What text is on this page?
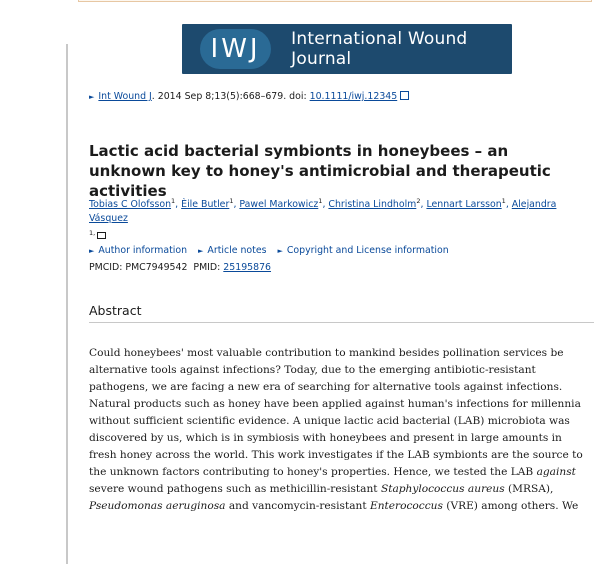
IWJ	International Wound Journal
► Int Wound J. 2014 Sep 8;13(5):668–679. doi: 10.1111/iwj.12345
Lactic acid bacterial symbionts in honeybees – an unknown key to honey's antimicrobial and therapeutic activities
Tobias C Olofsson$^1$, Èile Butler$^1$, Pawel Markowicz$^1$, Christina Lindholm$^2$, Lennart Larsson$^1$, Alejandra Vásquez
$^{1,}$
► Author information ► Article notes ► Copyright and License information
PMCID: PMC7949542 PMID: 25195876
Abstract
Could honeybees' most valuable contribution to mankind besides pollination services be
alternative tools against infections? Today, due to the emerging antibiotic-resistant
pathogens, we are facing a new era of searching for alternative tools against infections.
Natural products such as honey have been applied against human's infections for millennia
without sufficient scientific evidence. A unique lactic acid bacterial (LAB) microbiota was
discovered by us, which is in symbiosis with honeybees and present in large amounts in
fresh honey across the world. This work investigates if the LAB symbionts are the source to
the unknown factors contributing to honey's properties. Hence, we tested the LAB against
severe wound pathogens such as methicillin-resistant Staphylococcus aureus (MRSA),
Pseudomonas aeruginosa and vancomycin-resistant Enterococcus (VRE) among others. We
